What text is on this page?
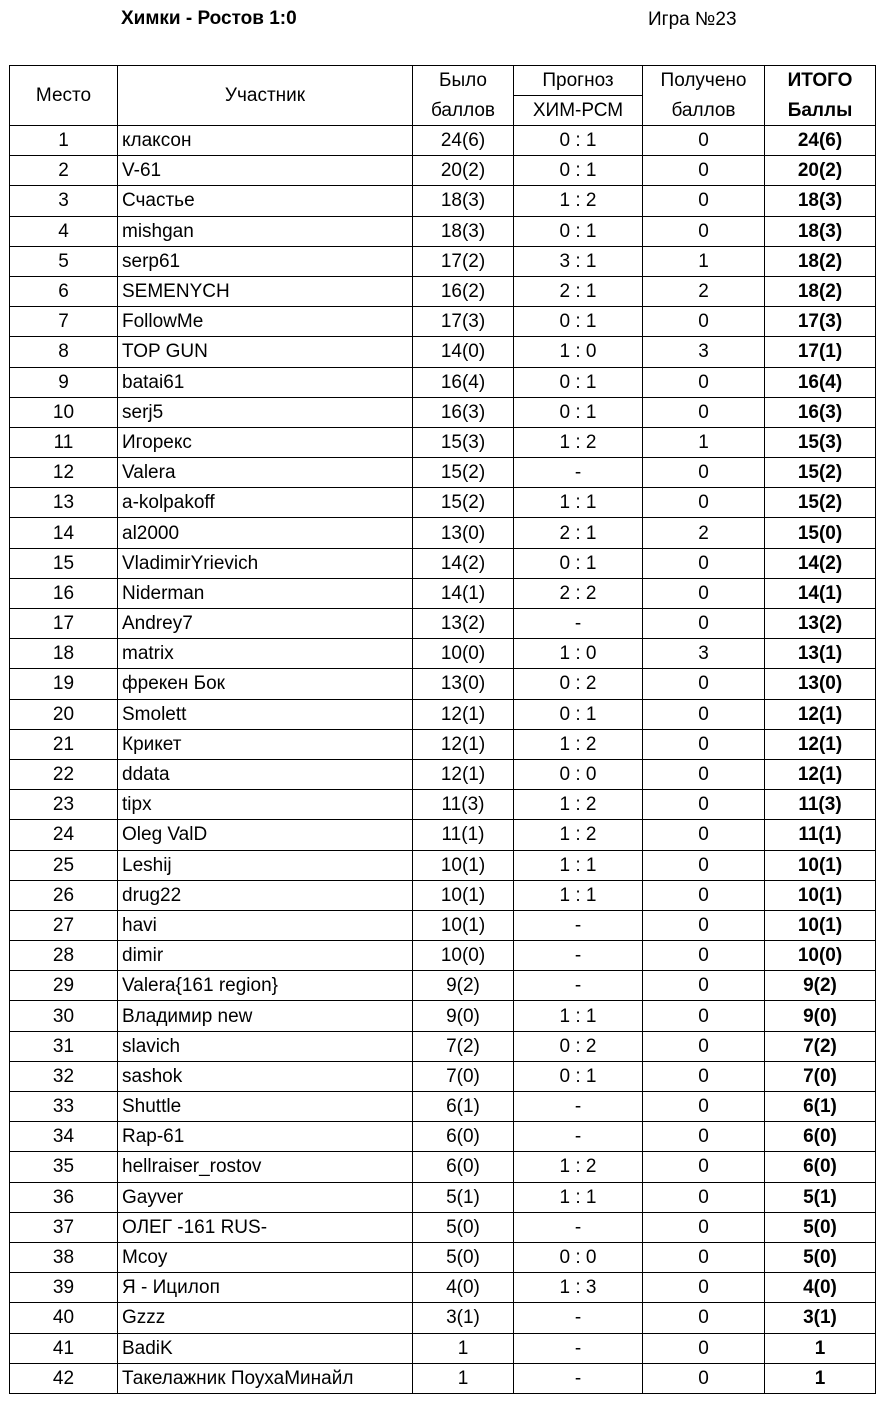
Химки - Ростов 1:0	Игра №23
Место	Участник	Было	Прогноз	Получено	ИТОГО
		баллов	ХИМ-РСМ	баллов	Баллы
1	клаксон	24(6)	0 : 1	0	24(6)
2	V-61	20(2)	0 : 1	0	20(2)
3	Счастье	18(3)	1 : 2	0	18(3)
4	mishgan	18(3)	0 : 1	0	18(3)
5	serp61	17(2)	3 : 1	1	18(2)
6	SEMENYCH	16(2)	2 : 1	2	18(2)
7	FollowMe	17(3)	0 : 1	0	17(3)
8	TOP GUN	14(0)	1 : 0	3	17(1)
9	batai61	16(4)	0 : 1	0	16(4)
10	serj5	16(3)	0 : 1	0	16(3)
11	Игорекс	15(3)	1 : 2	1	15(3)
12	Valera	15(2)	-	0	15(2)
13	a-kolpakoff	15(2)	1 : 1	0	15(2)
14	al2000	13(0)	2 : 1	2	15(0)
15	VladimirYrievich	14(2)	0 : 1	0	14(2)
16	Niderman	14(1)	2 : 2	0	14(1)
17	Andrey7	13(2)	-	0	13(2)
18	matrix	10(0)	1 : 0	3	13(1)
19	фрекен Бок	13(0)	0 : 2	0	13(0)
20	Smolett	12(1)	0 : 1	0	12(1)
21	Крикет	12(1)	1 : 2	0	12(1)
22	ddata	12(1)	0 : 0	0	12(1)
23	tipx	11(3)	1 : 2	0	11(3)
24	Oleg ValD	11(1)	1 : 2	0	11(1)
25	Leshij	10(1)	1 : 1	0	10(1)
26	drug22	10(1)	1 : 1	0	10(1)
27	havi	10(1)	-	0	10(1)
28	dimir	10(0)	-	0	10(0)
29	Valera{161 region}	9(2)	-	0	9(2)
30	Владимир new	9(0)	1 : 1	0	9(0)
31	slavich	7(2)	0 : 2	0	7(2)
32	sashok	7(0)	0 : 1	0	7(0)
33	Shuttle	6(1)	-	0	6(1)
34	Rap-61	6(0)	-	0	6(0)
35	hellraiser_rostov	6(0)	1 : 2	0	6(0)
36	Gayver	5(1)	1 : 1	0	5(1)
37	ОЛЕГ -161 RUS-	5(0)	-	0	5(0)
38	Mcoy	5(0)	0 : 0	0	5(0)
39	Я - Ицилоп	4(0)	1 : 3	0	4(0)
40	Gzzz	3(1)	-	0	3(1)
41	BadiK	1	-	0	1
42	Такелажник ПоухаМинайл	1	-	0	1
